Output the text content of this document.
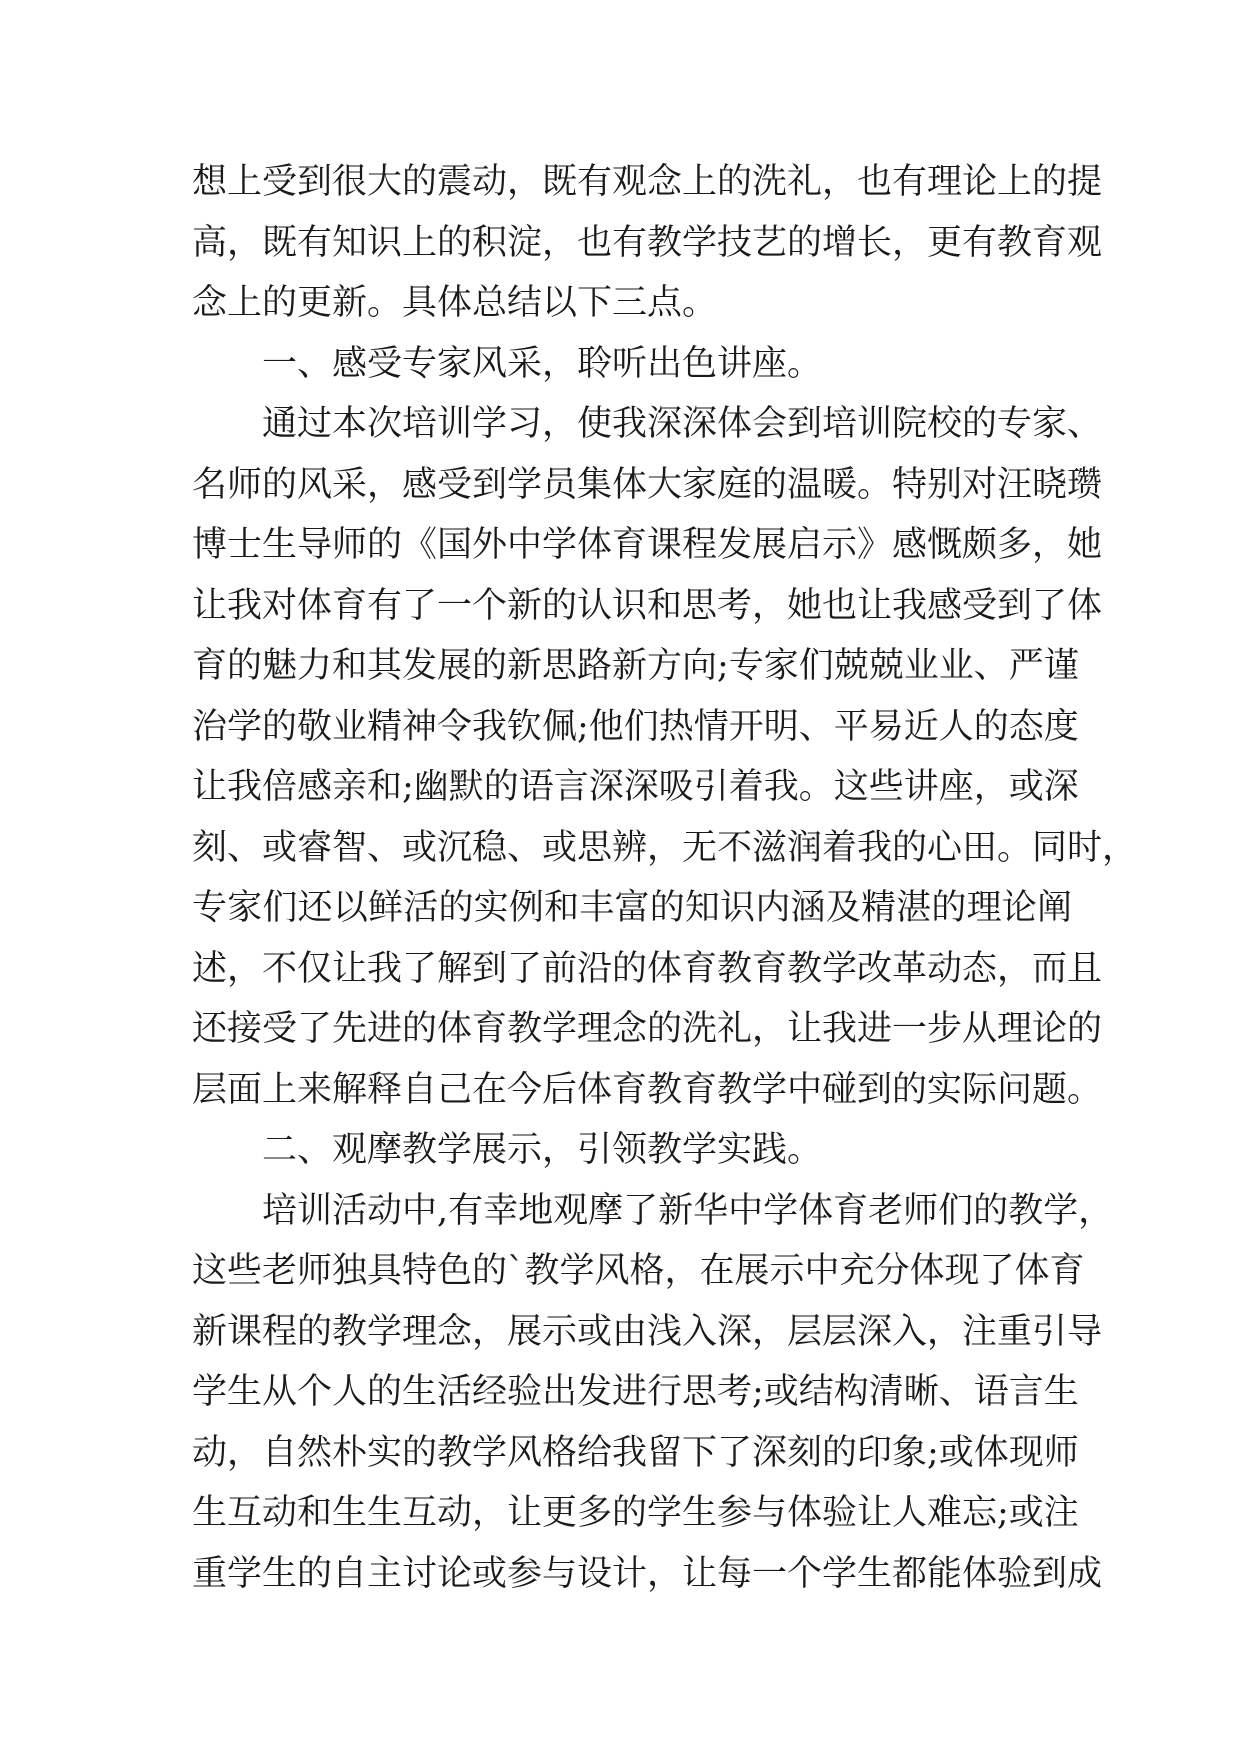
想上受到很大的震动，既有观念上的洗礼，也有理论上的提
高，既有知识上的积淀，也有教学技艺的增长，更有教育观
念上的更新。具体总结以下三点。
一、感受专家风采，聆听出色讲座。
通过本次培训学习，使我深深体会到培训院校的专家、
名师的风采，感受到学员集体大家庭的温暖。特别对汪晓瓒
博士生导师的《国外中学体育课程发展启示》感慨颇多，她
让我对体育有了一个新的认识和思考，她也让我感受到了体
育的魅力和其发展的新思路新方向;专家们兢兢业业、严谨
治学的敬业精神令我钦佩;他们热情开明、平易近人的态度
让我倍感亲和;幽默的语言深深吸引着我。这些讲座，或深
刻、或睿智、或沉稳、或思辨，无不滋润着我的心田。同时，
专家们还以鲜活的实例和丰富的知识内涵及精湛的理论阐
述，不仅让我了解到了前沿的体育教育教学改革动态，而且
还接受了先进的体育教学理念的洗礼，让我进一步从理论的
层面上来解释自己在今后体育教育教学中碰到的实际问题。
二、观摩教学展示，引领教学实践。
培训活动中,有幸地观摩了新华中学体育老师们的教学，
这些老师独具特色的`教学风格，在展示中充分体现了体育
新课程的教学理念，展示或由浅入深，层层深入，注重引导
学生从个人的生活经验出发进行思考;或结构清晰、语言生
动，自然朴实的教学风格给我留下了深刻的印象;或体现师
生互动和生生互动，让更多的学生参与体验让人难忘;或注
重学生的自主讨论或参与设计，让每一个学生都能体验到成
